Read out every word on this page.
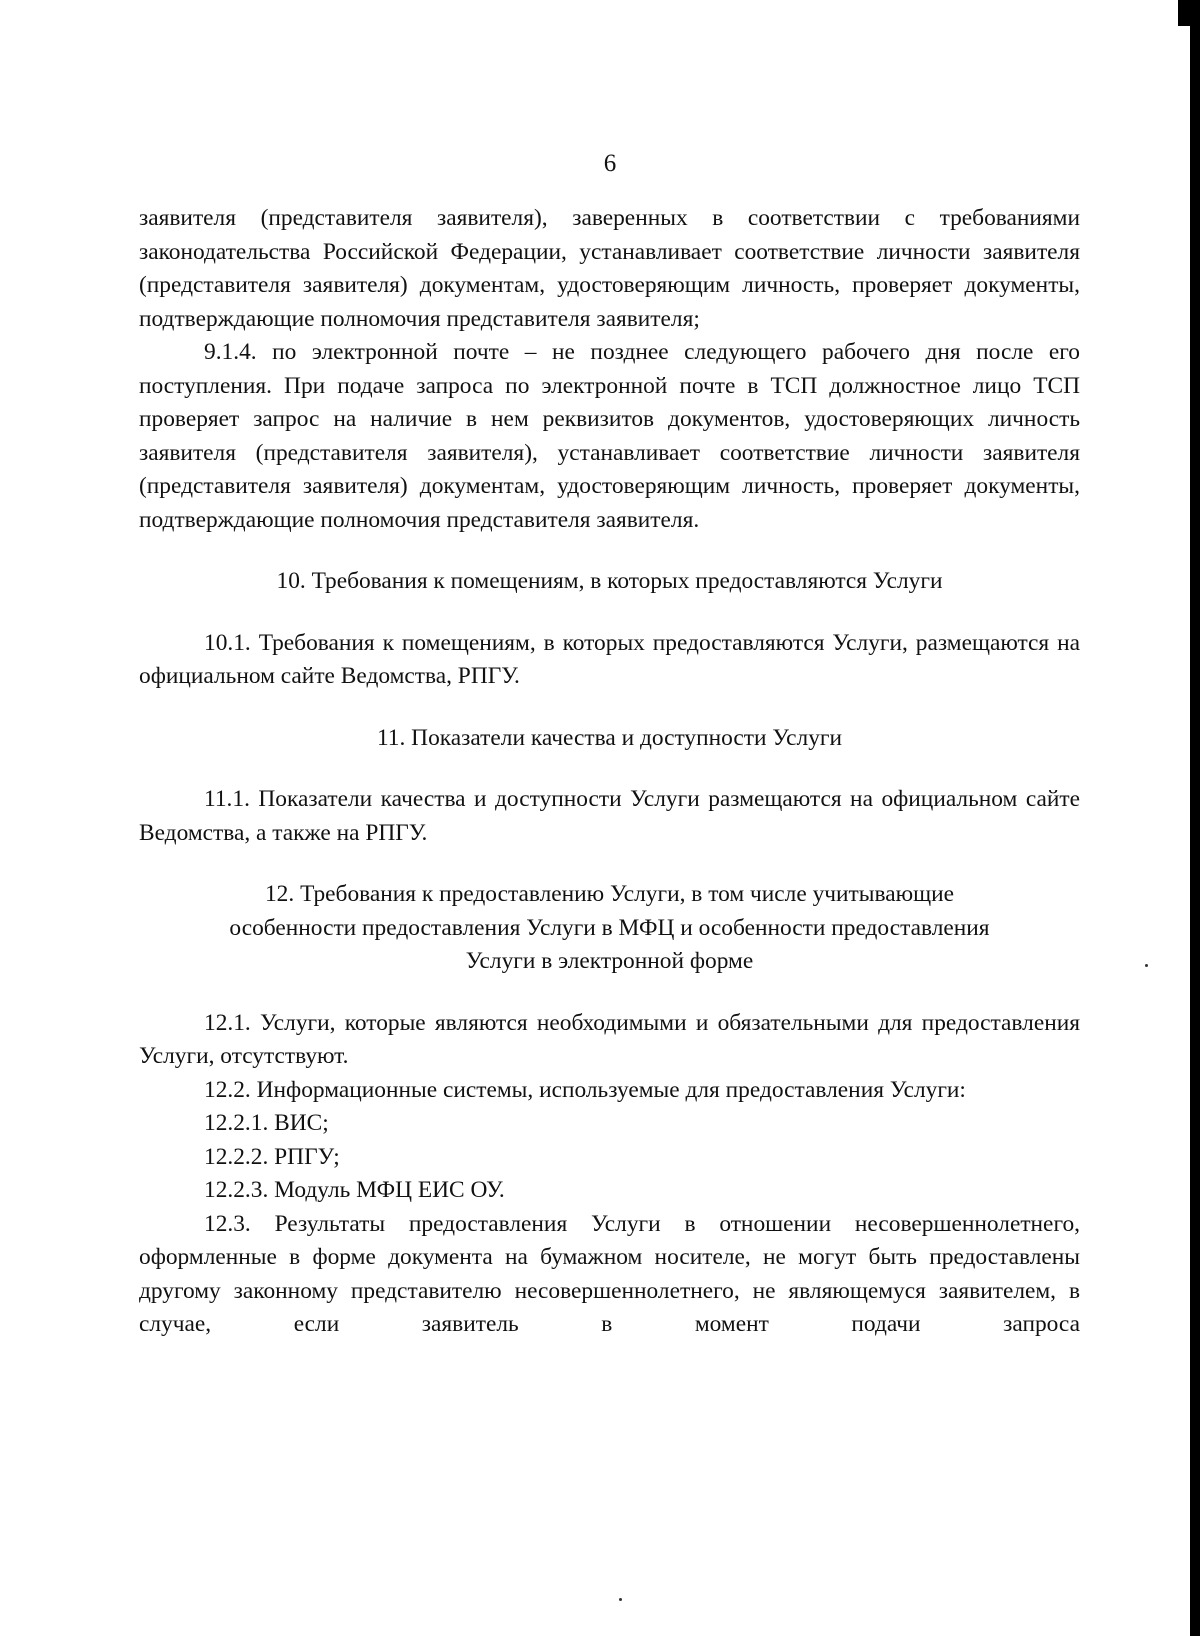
6

заявителя (представителя заявителя), заверенных в соответствии с требованиями законодательства Российской Федерации, устанавливает соответствие личности заявителя (представителя заявителя) документам, удостоверяющим личность, проверяет документы, подтверждающие полномочия представителя заявителя;

9.1.4. по электронной почте – не позднее следующего рабочего дня после его поступления. При подаче запроса по электронной почте в ТСП должностное лицо ТСП проверяет запрос на наличие в нем реквизитов документов, удостоверяющих личность заявителя (представителя заявителя), устанавливает соответствие личности заявителя (представителя заявителя) документам, удостоверяющим личность, проверяет документы, подтверждающие полномочия представителя заявителя.

10. Требования к помещениям, в которых предоставляются Услуги

10.1. Требования к помещениям, в которых предоставляются Услуги, размещаются на официальном сайте Ведомства, РПГУ.

11. Показатели качества и доступности Услуги

11.1. Показатели качества и доступности Услуги размещаются на официальном сайте Ведомства, а также на РПГУ.

12. Требования к предоставлению Услуги, в том числе учитывающие

особенности предоставления Услуги в МФЦ и особенности предоставления

Услуги в электронной форме

12.1. Услуги, которые являются необходимыми и обязательными для предоставления Услуги, отсутствуют.

12.2. Информационные системы, используемые для предоставления Услуги:

12.2.1. ВИС;

12.2.2. РПГУ;

12.2.3. Модуль МФЦ ЕИС ОУ.

12.3. Результаты предоставления Услуги в отношении несовершеннолетнего, оформленные в форме документа на бумажном носителе, не могут быть предоставлены другому законному представителю несовершеннолетнего, не являющемуся заявителем, в случае, если заявитель в момент подачи запроса
